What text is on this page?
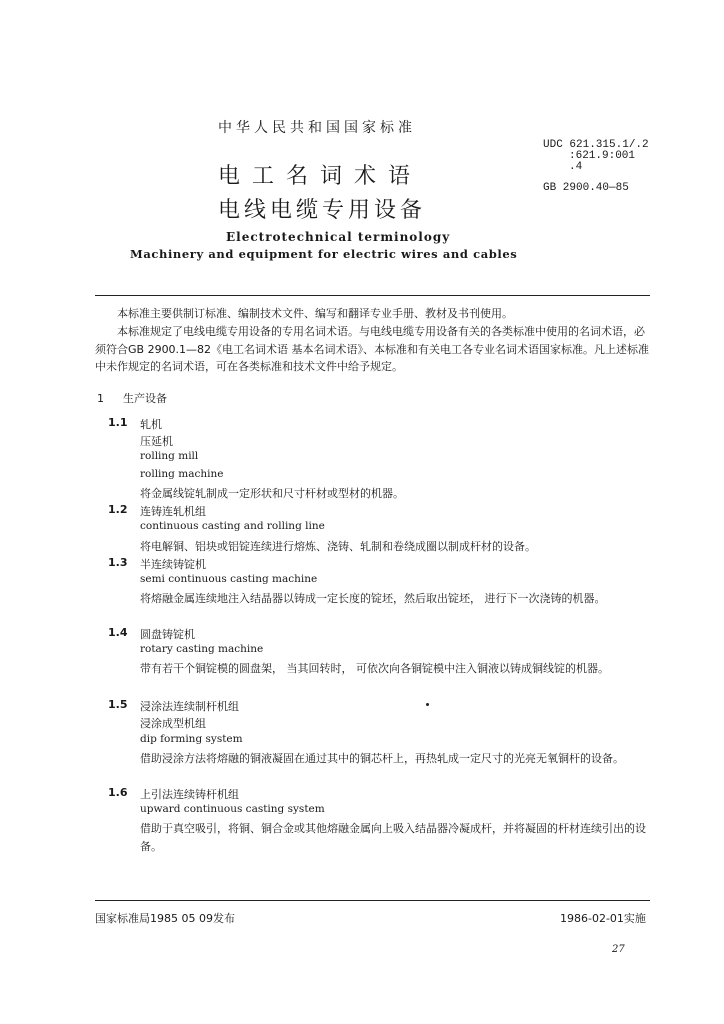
中华人民共和国国家标准
UDC 621.315.1/.2
:621.9:001
.4
电工名词术语	GB 2900.40—85
电线电缆专用设备
Electrotechnical terminology
Machinery and equipment for electric wires and cables
本标准主要供制订标准、编制技术文件、编写和翻译专业手册、教材及书刊使用。
本标准规定了电线电缆专用设备的专用名词术语。与电线电缆专用设备有关的各类标准中使用的名词术语，必须符合GB 2900.1—82《电工名词术语 基本名词术语》、本标准和有关电工各专业名词术语国家标准。凡上述标准中未作规定的名词术语，可在各类标准和技术文件中给予规定。
1 生产设备
1.1 轧机
压延机
rolling mill
rolling machine
将金属线锭轧制成一定形状和尺寸杆材或型材的机器。
1.2 连铸连轧机组
continuous casting and rolling line
将电解铜、铝块或铝锭连续进行熔炼、浇铸、轧制和卷绕成圈以制成杆材的设备。
1.3 半连续铸锭机
semi continuous casting machine
将熔融金属连续地注入结晶器以铸成一定长度的锭坯，然后取出锭坯， 进行下一次浇铸的机器。
1.4 圆盘铸锭机
rotary casting machine
带有若干个铜锭模的圆盘架， 当其回转时， 可依次向各铜锭模中注入铜液以铸成铜线锭的机器。
1.5 浸涂法连续制杆机组
浸涂成型机组
dip forming system
借助浸涂方法将熔融的铜液凝固在通过其中的铜芯杆上，再热轧成一定尺寸的光亮无氧铜杆的设备。
1.6 上引法连续铸杆机组
upward continuous casting system
借助于真空吸引，将铜、铜合金或其他熔融金属向上吸入结晶器冷凝成杆，并将凝固的杆材连续引出的设备。
国家标准局1985 05 09发布	1986-02-01实施
27
